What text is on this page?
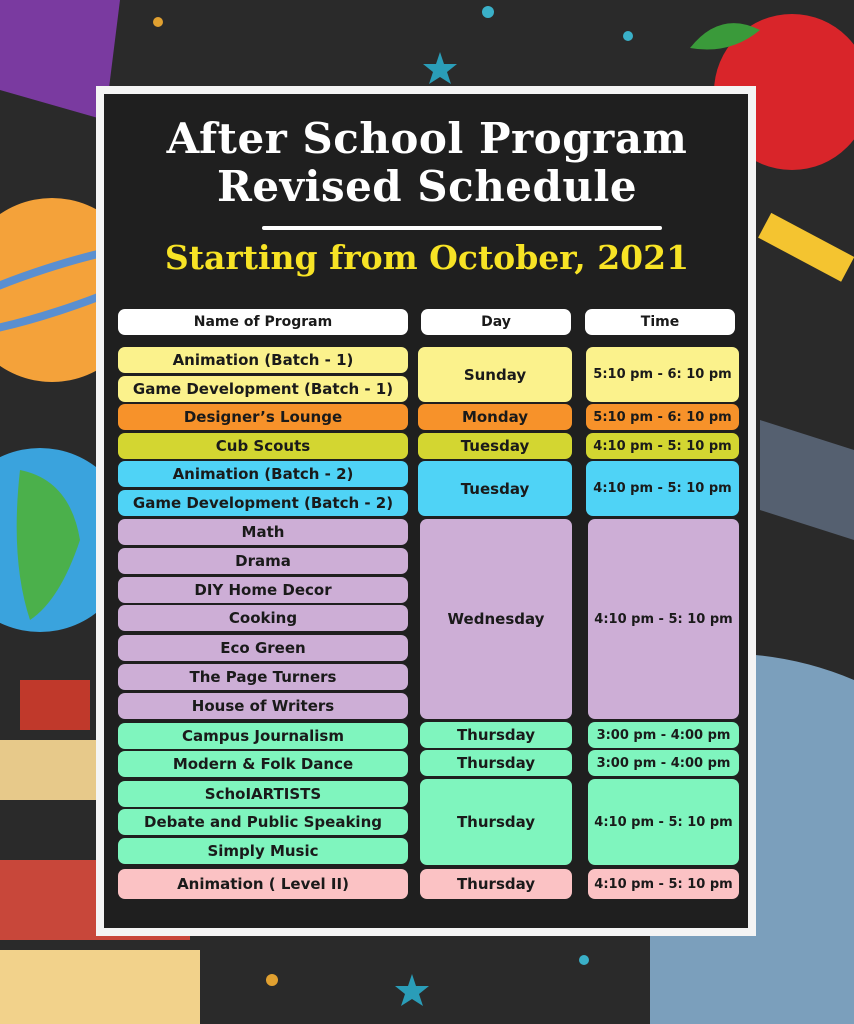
After School Program
Revised Schedule
Starting from October, 2021
Name of Program	Day	Time
Animation (Batch - 1)
Game Development (Batch - 1)
Designer’s Lounge
Cub Scouts
Animation (Batch - 2)
Game Development (Batch - 2)
Math
Drama
DIY Home Decor
Cooking
Eco Green
The Page Turners
House of Writers
Campus Journalism
Modern & Folk Dance
SchoIARTISTS
Debate and Public Speaking
Simply Music
Animation ( Level II)
Sunday
Monday
Tuesday
Tuesday
Wednesday
Thursday
Thursday
Thursday
Thursday
5:10 pm - 6: 10 pm
5:10 pm - 6: 10 pm
4:10 pm - 5: 10 pm
4:10 pm - 5: 10 pm
4:10 pm - 5: 10 pm
3:00 pm - 4:00 pm
3:00 pm - 4:00 pm
4:10 pm - 5: 10 pm
4:10 pm - 5: 10 pm
